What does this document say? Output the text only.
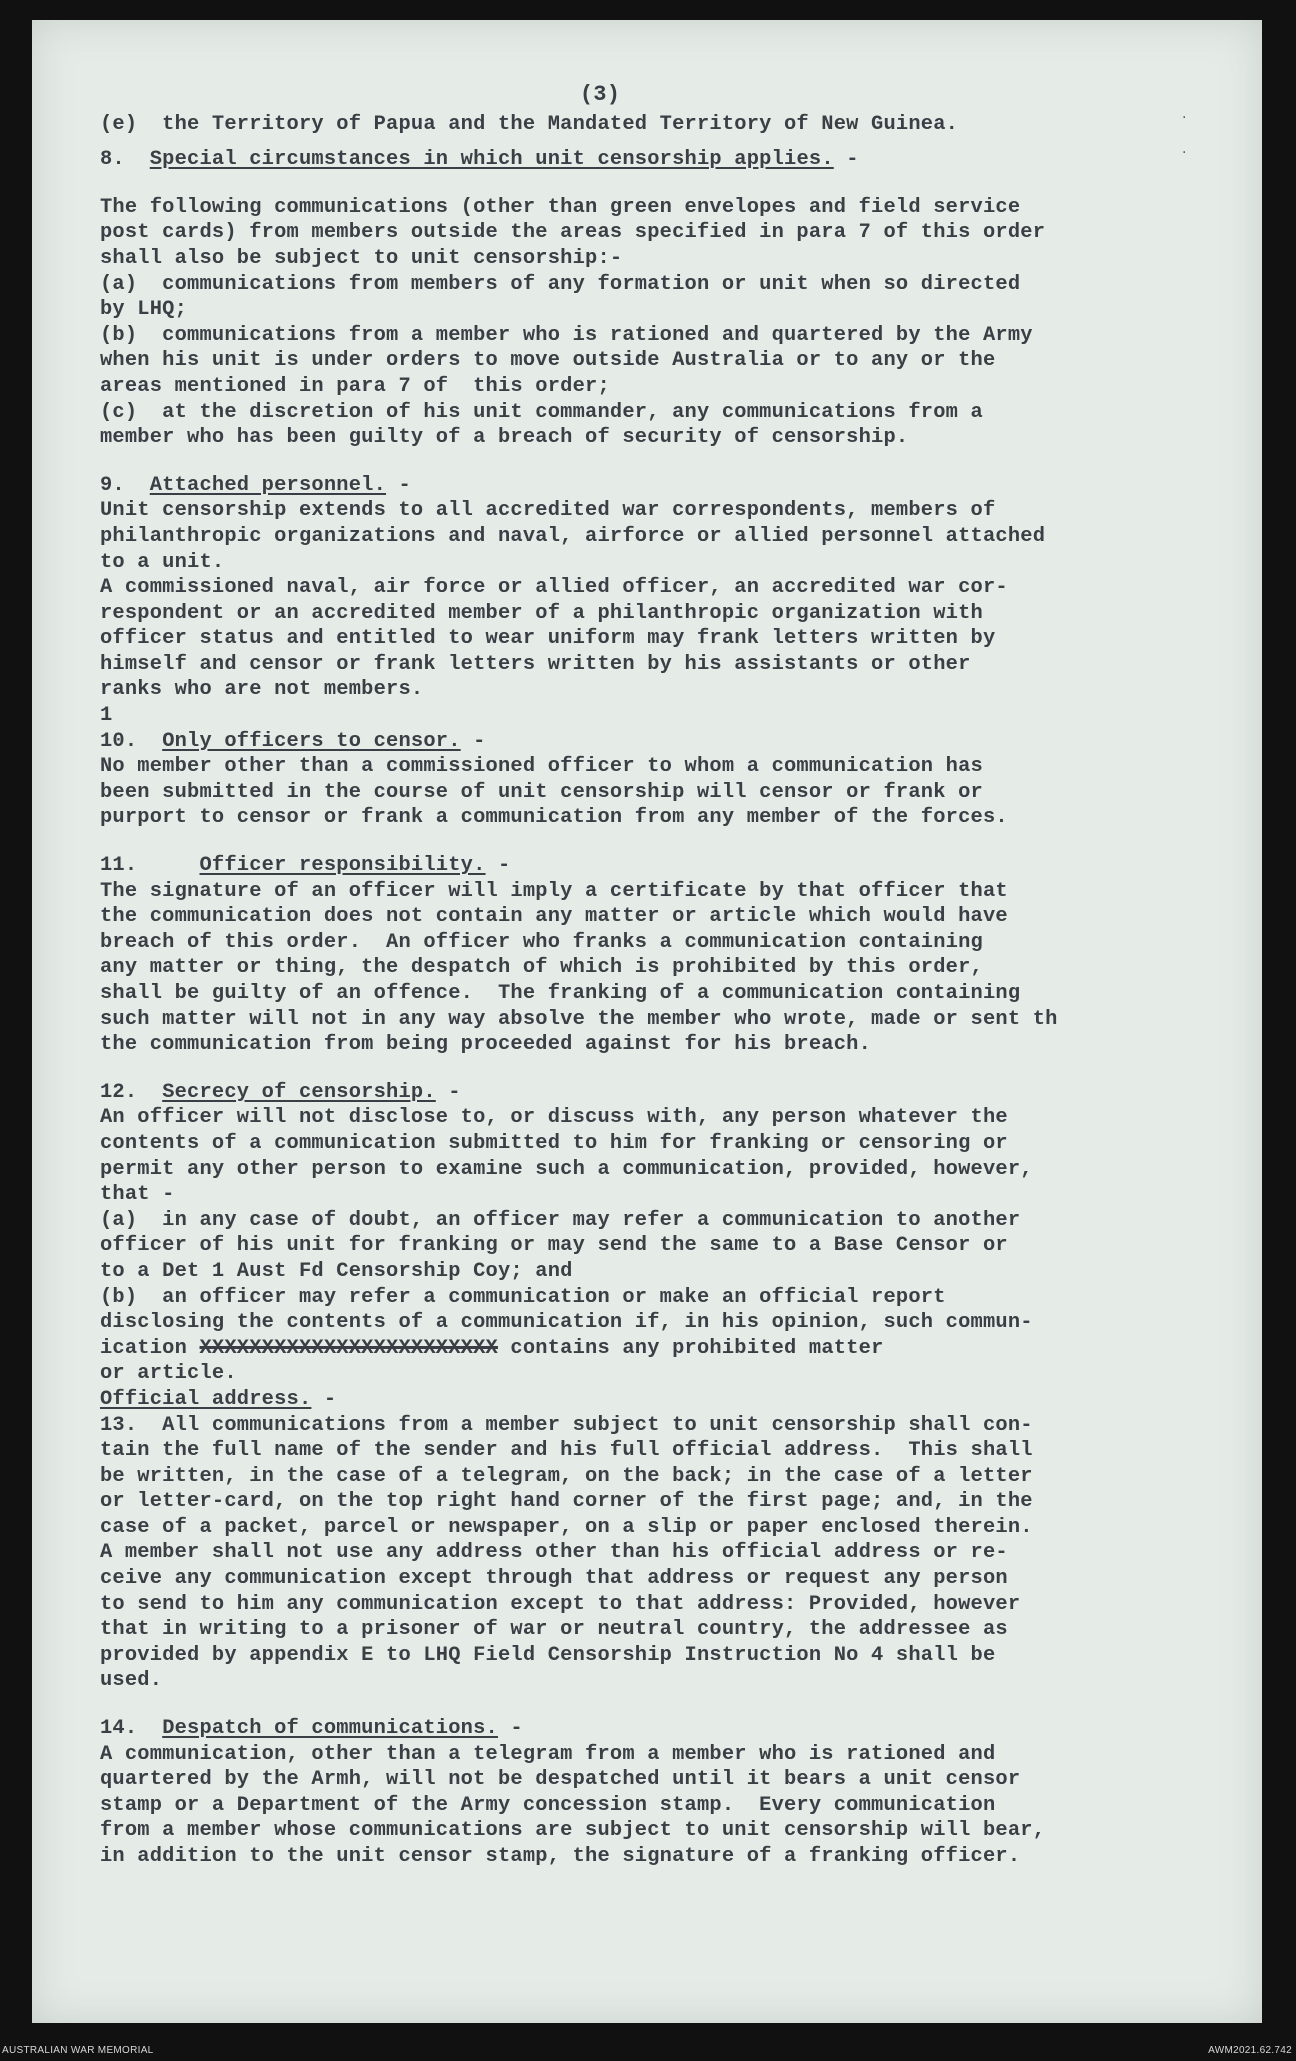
·
·
(3)
(e)  the Territory of Papua and the Mandated Territory of New Guinea.
8.  Special circumstances in which unit censorship applies. -
The following communications (other than green envelopes and field service
post cards) from members outside the areas specified in para 7 of this order
shall also be subject to unit censorship:-
(a)  communications from members of any formation or unit when so directed
by LHQ;
(b)  communications from a member who is rationed and quartered by the Army
when his unit is under orders to move outside Australia or to any or the
areas mentioned in para 7 of  this order;
(c)  at the discretion of his unit commander, any communications from a
member who has been guilty of a breach of security of censorship.
9.  Attached personnel. -
Unit censorship extends to all accredited war correspondents, members of
philanthropic organizations and naval, airforce or allied personnel attached
to a unit.
A commissioned naval, air force or allied officer, an accredited war cor-
respondent or an accredited member of a philanthropic organization with
officer status and entitled to wear uniform may frank letters written by
himself and censor or frank letters written by his assistants or other
ranks who are not members.
1
10.  Only officers to censor. -
No member other than a commissioned officer to whom a communication has
been submitted in the course of unit censorship will censor or frank or
purport to censor or frank a communication from any member of the forces.
11.     Officer responsibility. -
The signature of an officer will imply a certificate by that officer that
the communication does not contain any matter or article which would have
breach of this order.  An officer who franks a communication containing
any matter or thing, the despatch of which is prohibited by this order,
shall be guilty of an offence.  The franking of a communication containing
such matter will not in any way absolve the member who wrote, made or sent th
the communication from being proceeded against for his breach.
12.  Secrecy of censorship. -
An officer will not disclose to, or discuss with, any person whatever the
contents of a communication submitted to him for franking or censoring or
permit any other person to examine such a communication, provided, however,
that -
(a)  in any case of doubt, an officer may refer a communication to another
officer of his unit for franking or may send the same to a Base Censor or
to a Det 1 Aust Fd Censorship Coy; and
(b)  an officer may refer a communication or make an official report
disclosing the contents of a communication if, in his opinion, such commun-
ication XXXXXXXXXXXXXXXXXXXXXXXX contains any prohibited matter
or article.
Official address. -
13.  All communications from a member subject to unit censorship shall con-
tain the full name of the sender and his full official address.  This shall
be written, in the case of a telegram, on the back; in the case of a letter
or letter-card, on the top right hand corner of the first page; and, in the
case of a packet, parcel or newspaper, on a slip or paper enclosed therein.
A member shall not use any address other than his official address or re-
ceive any communication except through that address or request any person
to send to him any communication except to that address: Provided, however
that in writing to a prisoner of war or neutral country, the addressee as
provided by appendix E to LHQ Field Censorship Instruction No 4 shall be
used.
14.  Despatch of communications. -
A communication, other than a telegram from a member who is rationed and
quartered by the Armh, will not be despatched until it bears a unit censor
stamp or a Department of the Army concession stamp.  Every communication
from a member whose communications are subject to unit censorship will bear,
in addition to the unit censor stamp, the signature of a franking officer.
AUSTRALIAN WAR MEMORIAL	AWM2021.62.742
